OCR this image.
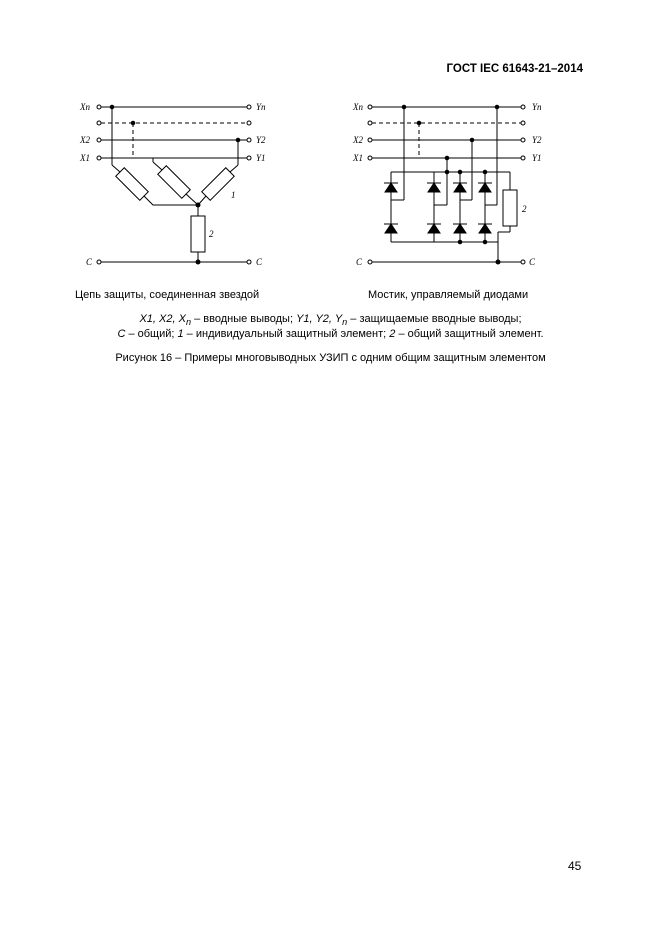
ГОСТ IEC 61643-21–2014
Xn
X2
X1
C
Yn
Y2
Y1
C
1
2
Xn
X2
X1
C
Yn
Y2
Y1
C
2
Цепь защиты, соединенная звездой	Мостик, управляемый диодами
X1, X2, $X_n$ – вводные выводы; Y1, Y2, $Y_n$ – защищаемые вводные выводы;
C – общий; 1 – индивидуальный защитный элемент; 2 – общий защитный элемент.
Рисунок 16 – Примеры многовыводных УЗИП с одним общим защитным элементом
45
